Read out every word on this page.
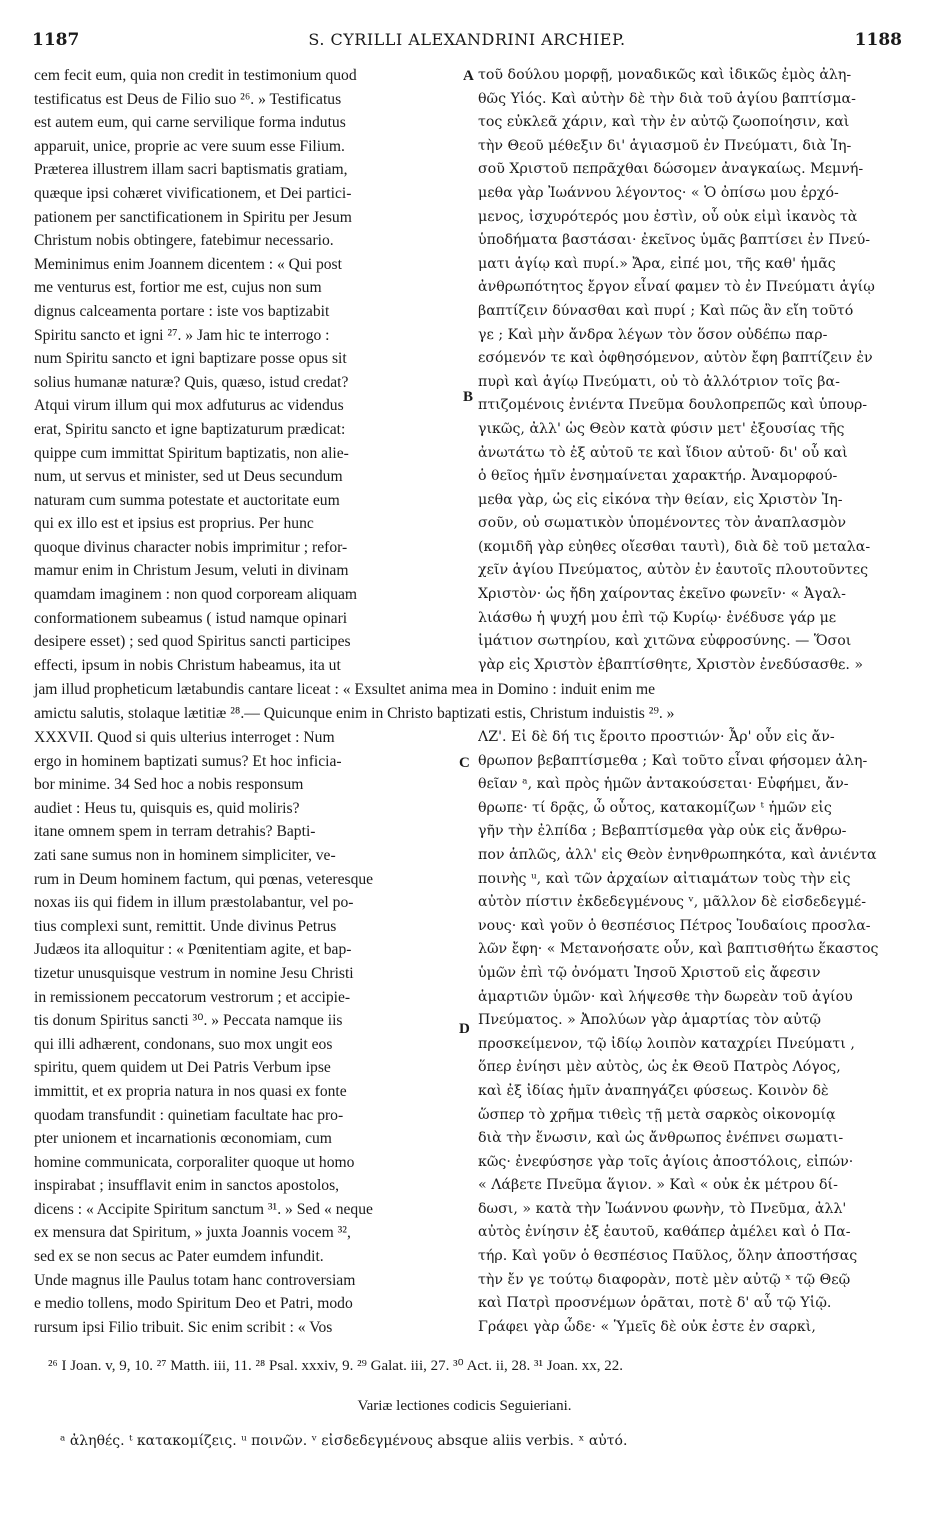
1187	S. CYRILLI ALEXANDRINI ARCHIEP.	1188
cem fecit eum, quia non credit in testimonium quod
testificatus est Deus de Filio suo ²⁶. » Testificatus
est autem eum, qui carne servilique forma indutus
apparuit, unice, proprie ac vere suum esse Filium.
Præterea illustrem illam sacri baptismatis gratiam,
quæque ipsi cohæret vivificationem, et Dei partici-
pationem per sanctificationem in Spiritu per Jesum
Christum nobis obtingere, fatebimur necessario.
Meminimus enim Joannem dicentem : « Qui post
me venturus est, fortior me est, cujus non sum
dignus calceamenta portare : iste vos baptizabit
Spiritu sancto et igni ²⁷. » Jam hic te interrogo :
num Spiritu sancto et igni baptizare posse opus sit
solius humanæ naturæ? Quis, quæso, istud credat?
Atqui virum illum qui mox adfuturus ac videndus
erat, Spiritu sancto et igne baptizaturum prædicat:
quippe cum immittat Spiritum baptizatis, non alie-
num, ut servus et minister, sed ut Deus secundum
naturam cum summa potestate et auctoritate eum
qui ex illo est et ipsius est proprius. Per hunc
quoque divinus character nobis imprimitur ; refor-
mamur enim in Christum Jesum, veluti in divinam
quamdam imaginem : non quod corpoream aliquam
conformationem subeamus ( istud namque opinari
desipere esset) ; sed quod Spiritus sancti participes
effecti, ipsum in nobis Christum habeamus, ita ut
τοῦ δούλου μορφῇ, μοναδικῶς καὶ ἰδικῶς ἐμὸς ἀλη-
θῶς Υἱός. Καὶ αὐτὴν δὲ τὴν διὰ τοῦ ἁγίου βαπτίσμα-
τος εὐκλεᾶ χάριν, καὶ τὴν ἐν αὐτῷ ζωοποίησιν, καὶ
τὴν Θεοῦ μέθεξιν δι' ἁγιασμοῦ ἐν Πνεύματι, διὰ Ἰη-
σοῦ Χριστοῦ πεπρᾶχθαι δώσομεν ἀναγκαίως. Μεμνή-
μεθα γὰρ Ἰωάννου λέγοντος· « Ὁ ὀπίσω μου ἐρχό-
μενος, ἰσχυρότερός μου ἐστὶν, οὗ οὐκ εἰμὶ ἱκανὸς τὰ
ὑποδήματα βαστάσαι· ἐκεῖνος ὑμᾶς βαπτίσει ἐν Πνεύ-
ματι ἁγίῳ καὶ πυρί.» Ἄρα, εἰπέ μοι, τῆς καθ' ἡμᾶς
ἀνθρωπότητος ἔργον εἶναί φαμεν τὸ ἐν Πνεύματι ἁγίῳ
βαπτίζειν δύνασθαι καὶ πυρί ; Καὶ πῶς ἂν εἴη τοῦτό
γε ; Καὶ μὴν ἄνδρα λέγων τὸν ὅσον οὐδέπω παρ-
εσόμενόν τε καὶ ὀφθησόμενον, αὐτὸν ἔφη βαπτίζειν ἐν
πυρὶ καὶ ἁγίῳ Πνεύματι, οὐ τὸ ἀλλότριον τοῖς βα-
πτιζομένοις ἐνιέντα Πνεῦμα δουλοπρεπῶς καὶ ὑπουρ-
γικῶς, ἀλλ' ὡς Θεὸν κατὰ φύσιν μετ' ἐξουσίας τῆς
ἀνωτάτω τὸ ἐξ αὐτοῦ τε καὶ ἴδιον αὐτοῦ· δι' οὗ καὶ
ὁ θεῖος ἡμῖν ἐνσημαίνεται χαρακτήρ. Ἀναμορφού-
μεθα γὰρ, ὡς εἰς εἰκόνα τὴν θείαν, εἰς Χριστὸν Ἰη-
σοῦν, οὐ σωματικὸν ὑπομένοντες τὸν ἀναπλασμὸν
(κομιδῆ γὰρ εὐηθες οἴεσθαι ταυτὶ), διὰ δὲ τοῦ μεταλα-
χεῖν ἁγίου Πνεύματος, αὐτὸν ἐν ἑαυτοῖς πλουτοῦντες
Χριστὸν· ὡς ἤδη χαίροντας ἐκεῖνο φωνεῖν· « Ἀγαλ-
λιάσθω ἡ ψυχή μου ἐπὶ τῷ Κυρίῳ· ἐνέδυσε γάρ με
ἱμάτιον σωτηρίου, καὶ χιτῶνα εὐφροσύνης. — Ὅσοι
γὰρ εἰς Χριστὸν ἐβαπτίσθητε, Χριστὸν ἐνεδύσασθε. »
A
B
jam illud propheticum lætabundis cantare liceat : « Exsultet anima mea in Domino : induit enim me
amictu salutis, stolaque lætitiæ ²⁸.— Quicunque enim in Christo baptizati estis, Christum induistis ²⁹. »
XXXVII. Quod si quis ulterius interroget : Num
ergo in hominem baptizati sumus? Et hoc inficia-
bor minime. 34 Sed hoc a nobis responsum
audiet : Heus tu, quisquis es, quid moliris?
itane omnem spem in terram detrahis? Bapti-
zati sane sumus non in hominem simpliciter, ve-
rum in Deum hominem factum, qui pœnas, veteresque
noxas iis qui fidem in illum præstolabantur, vel po-
tius complexi sunt, remittit. Unde divinus Petrus
Judæos ita alloquitur : « Pœnitentiam agite, et bap-
tizetur unusquisque vestrum in nomine Jesu Christi
in remissionem peccatorum vestrorum ; et accipie-
tis donum Spiritus sancti ³⁰. » Peccata namque iis
qui illi adhærent, condonans, suo mox ungit eos
spiritu, quem quidem ut Dei Patris Verbum ipse
immittit, et ex propria natura in nos quasi ex fonte
quodam transfundit : quinetiam facultate hac pro-
pter unionem et incarnationis œconomiam, cum
homine communicata, corporaliter quoque ut homo
inspirabat ; insufflavit enim in sanctos apostolos,
dicens : « Accipite Spiritum sanctum ³¹. » Sed « neque
ex mensura dat Spiritum, » juxta Joannis vocem ³²,
sed ex se non secus ac Pater eumdem infundit.
Unde magnus ille Paulus totam hanc controversiam
e medio tollens, modo Spiritum Deo et Patri, modo
rursum ipsi Filio tribuit. Sic enim scribit : « Vos
ΛΖ'. Εἰ δὲ δή τις ἔροιτο προστιών· Ἆρ' οὖν εἰς ἄν-
θρωπον βεβαπτίσμεθα ; Καὶ τοῦτο εἶναι φήσομεν ἀλη-
θεῖαν ᵃ, καὶ πρὸς ἡμῶν ἀντακούσεται· Εὐφήμει, ἄν-
θρωπε· τί δρᾷς, ὦ οὗτος, κατακομίζων ᵗ ἡμῶν εἰς
γῆν τὴν ἐλπίδα ; Βεβαπτίσμεθα γὰρ οὐκ εἰς ἄνθρω-
πον ἁπλῶς, ἀλλ' εἰς Θεὸν ἐνηνθρωπηκότα, καὶ ἀνιέντα
ποινὴς ᵘ, καὶ τῶν ἀρχαίων αἰτιαμάτων τοὺς τὴν εἰς
αὐτὸν πίστιν ἐκδεδεγμένους ᵛ, μᾶλλον δὲ εἰσδεδεγμέ-
νους· καὶ γοῦν ὁ θεσπέσιος Πέτρος Ἰουδαίοις προσλα-
λῶν ἔφη· « Μετανοήσατε οὖν, καὶ βαπτισθήτω ἕκαστος
ὑμῶν ἐπὶ τῷ ὀνόματι Ἰησοῦ Χριστοῦ εἰς ἄφεσιν
ἁμαρτιῶν ὑμῶν· καὶ λήψεσθε τὴν δωρεὰν τοῦ ἁγίου
Πνεύματος. » Ἀπολύων γὰρ ἁμαρτίας τὸν αὐτῷ
προσκείμενον, τῷ ἰδίῳ λοιπὸν καταχρίει Πνεύματι ,
ὅπερ ἐνίησι μὲν αὐτὸς, ὡς ἐκ Θεοῦ Πατρὸς Λόγος,
καὶ ἐξ ἰδίας ἡμῖν ἀναπηγάζει φύσεως. Κοινὸν δὲ
ὥσπερ τὸ χρῆμα τιθεὶς τῇ μετὰ σαρκὸς οἰκονομίᾳ
διὰ τὴν ἕνωσιν, καὶ ὡς ἄνθρωπος ἐνέπνει σωματι-
κῶς· ἐνεφύσησε γὰρ τοῖς ἁγίοις ἀποστόλοις, εἰπών·
« Λάβετε Πνεῦμα ἅγιον. » Καὶ « οὐκ ἐκ μέτρου δί-
δωσι, » κατὰ τὴν Ἰωάννου φωνὴν, τὸ Πνεῦμα, ἀλλ'
αὐτὸς ἐνίησιν ἐξ ἑαυτοῦ, καθάπερ ἀμέλει καὶ ὁ Πα-
τήρ. Καὶ γοῦν ὁ θεσπέσιος Παῦλος, ὅλην ἀποστήσας
τὴν ἔν γε τούτῳ διαφορὰν, ποτὲ μὲν αὐτῷ ˣ τῷ Θεῷ
καὶ Πατρὶ προσνέμων ὁρᾶται, ποτὲ δ' αὖ τῷ Υἱῷ.
Γράφει γὰρ ὧδε· « Ὑμεῖς δὲ οὐκ ἐστε ἐν σαρκὶ,
C
D
²⁶ I Joan. v, 9, 10. ²⁷ Matth. iii, 11. ²⁸ Psal. xxxiv, 9. ²⁹ Galat. iii, 27. ³⁰ Act. ii, 28. ³¹ Joan. xx, 22.
Variæ lectiones codicis Seguieriani.
ᵃ ἀληθές. ᵗ κατακομίζεις. ᵘ ποινῶν. ᵛ εἰσδεδεγμένους absque aliis verbis. ˣ αὐτό.
